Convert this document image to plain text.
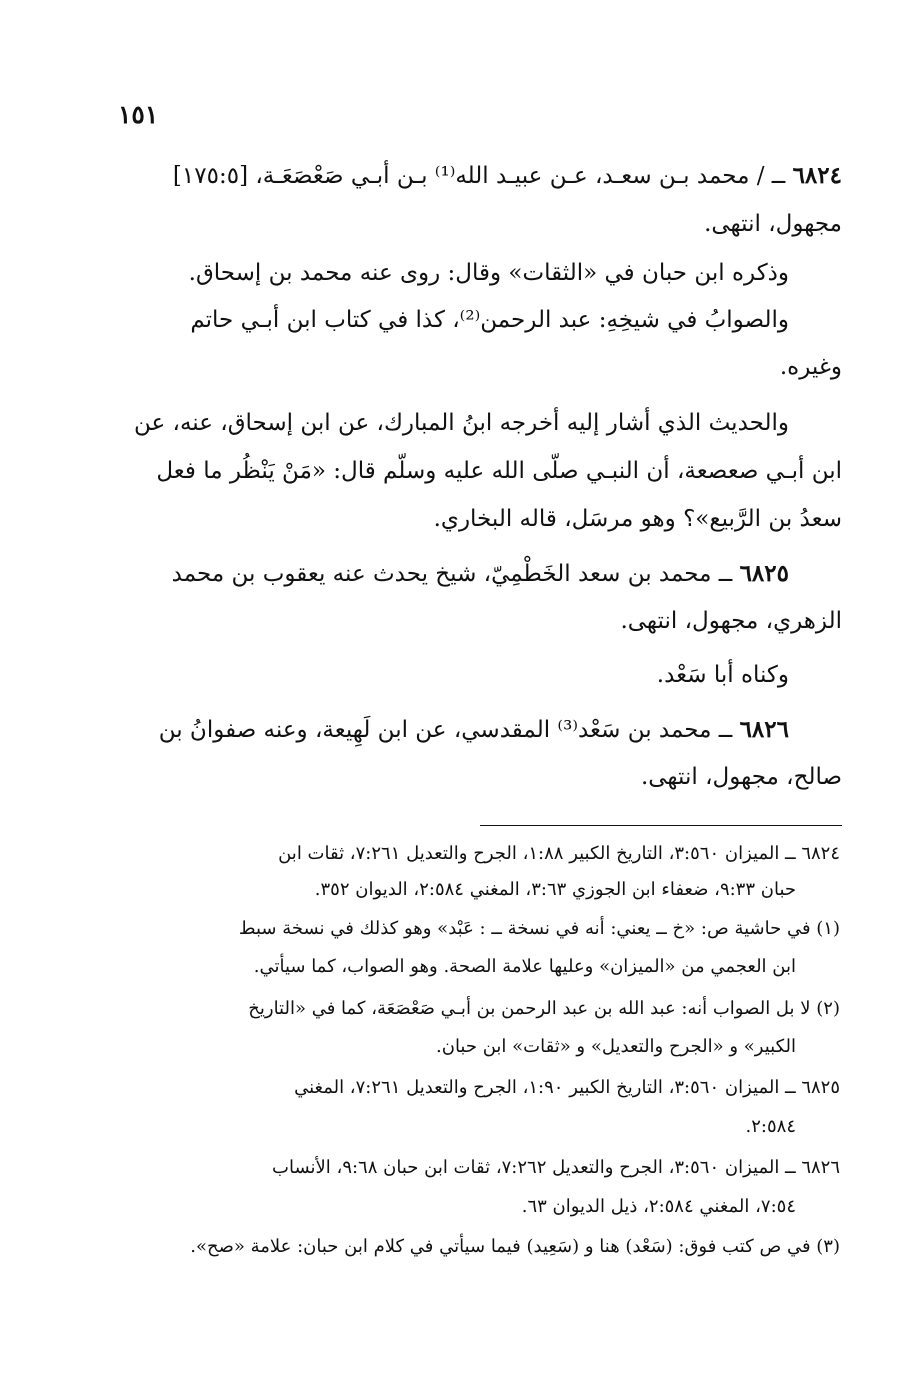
١٥١
٦٨٢٤ ــ / محمد بـن سعـد، عـن عبيـد الله⁽¹⁾ بـن أبـي صَعْصَعَـة، [١٧٥:٥]
مجهول، انتهى.
وذكره ابن حبان في «الثقات» وقال: روى عنه محمد بن إسحاق.
والصوابُ في شيخِهِ: عبد الرحمن⁽²⁾، كذا في كتاب ابن أبـي حاتم
وغيره.
والحديث الذي أشار إليه أخرجه ابنُ المبارك، عن ابن إسحاق، عنه، عن
ابن أبـي صعصعة، أن النبـي صلّى الله عليه وسلّم قال: «مَنْ يَنْظُر ما فعل
سعدُ بن الرَّبيع»؟ وهو مرسَل، قاله البخاري.
٦٨٢٥ ــ محمد بن سعد الخَطْمِيّ، شيخ يحدث عنه يعقوب بن محمد
الزهري، مجهول، انتهى.
وكناه أبا سَعْد.
٦٨٢٦ ــ محمد بن سَعْد⁽³⁾ المقدسي، عن ابن لَهِيعة، وعنه صفوانُ بن
صالح، مجهول، انتهى.
٦٨٢٤ ــ الميزان ٣:٥٦٠، التاريخ الكبير ١:٨٨، الجرح والتعديل ٧:٢٦١، ثقات ابن
حبان ٩:٣٣، ضعفاء ابن الجوزي ٣:٦٣، المغني ٢:٥٨٤، الديوان ٣٥٢.
(١) في حاشية ص: «خ ــ يعني: أنه في نسخة ــ : عَبْد» وهو كذلك في نسخة سبط
ابن العجمي من «الميزان» وعليها علامة الصحة. وهو الصواب، كما سيأتي.
(٢) لا بل الصواب أنه: عبد الله بن عبد الرحمن بن أبـي صَعْصَعَة، كما في «التاريخ
الكبير» و «الجرح والتعديل» و «ثقات» ابن حبان.
٦٨٢٥ ــ الميزان ٣:٥٦٠، التاريخ الكبير ١:٩٠، الجرح والتعديل ٧:٢٦١، المغني
٢:٥٨٤.
٦٨٢٦ ــ الميزان ٣:٥٦٠، الجرح والتعديل ٧:٢٦٢، ثقات ابن حبان ٩:٦٨، الأنساب
٧:٥٤، المغني ٢:٥٨٤، ذيل الديوان ٦٣.
(٣) في ص كتب فوق: (سَعْد) هنا و (سَعِيد) فيما سيأتي في كلام ابن حبان: علامة «صح».
